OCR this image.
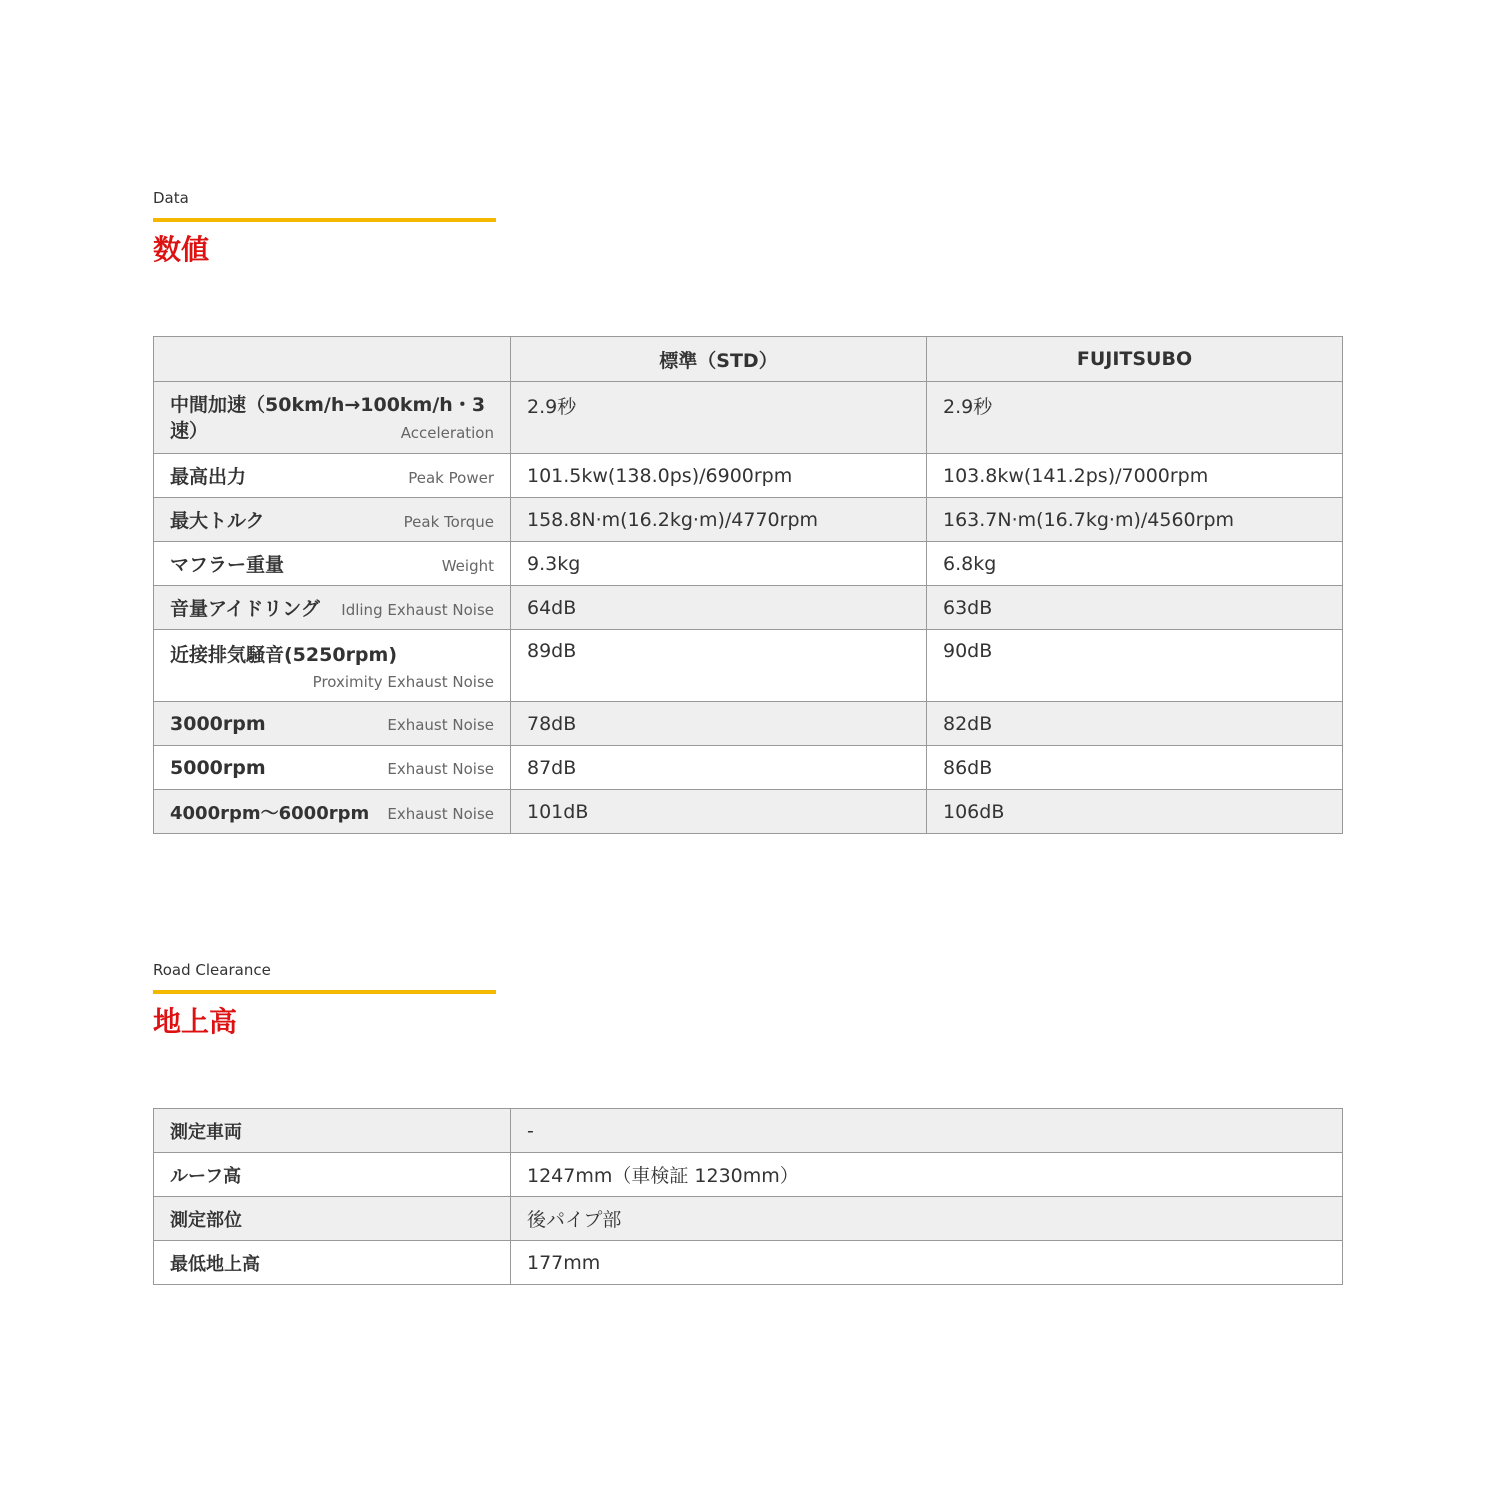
Data
数値
	標準（STD）	FUJITSUBO

中間加速（50km/h→100km/h・3速） Acceleration	2.9秒	2.9秒

最高出力 Peak Power	101.5kw(138.0ps)/6900rpm	103.8kw(141.2ps)/7000rpm

最大トルク Peak Torque	158.8N·m(16.2kg·m)/4770rpm	163.7N·m(16.7kg·m)/4560rpm

マフラー重量 Weight	9.3kg	6.8kg

音量アイドリング Idling Exhaust Noise	64dB	63dB

近接排気騒音(5250rpm)
Proximity Exhaust Noise	89dB	90dB

3000rpm Exhaust Noise	78dB	82dB

5000rpm Exhaust Noise	87dB	86dB

4000rpm～6000rpm Exhaust Noise	101dB	106dB
Road Clearance
地上高
測定車両	-
ルーフ高	1247mm（車検証 1230mm）
測定部位	後パイプ部
最低地上高	177mm
